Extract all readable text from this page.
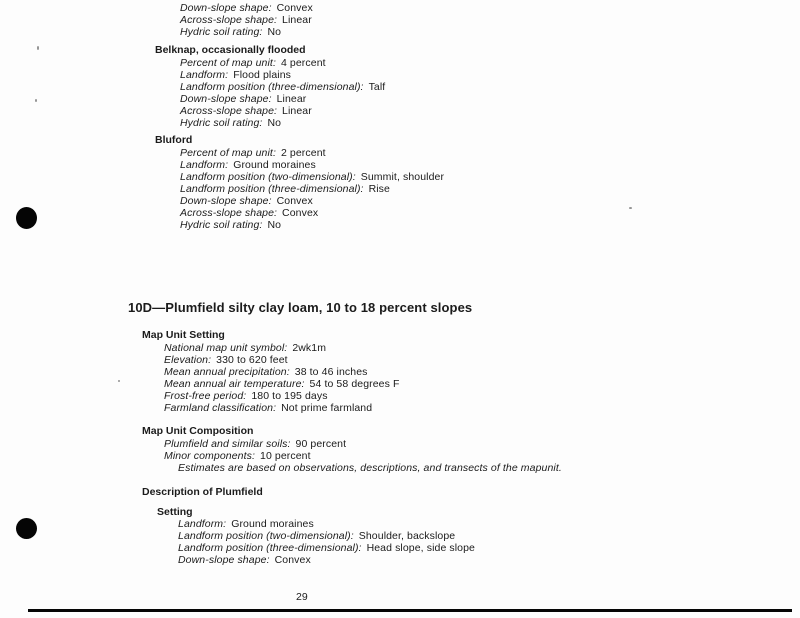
Down-slope shape: Convex
Across-slope shape: Linear
Hydric soil rating: No
Belknap, occasionally flooded
Percent of map unit: 4 percent
Landform: Flood plains
Landform position (three-dimensional): Talf
Down-slope shape: Linear
Across-slope shape: Linear
Hydric soil rating: No
Bluford
Percent of map unit: 2 percent
Landform: Ground moraines
Landform position (two-dimensional): Summit, shoulder
Landform position (three-dimensional): Rise
Down-slope shape: Convex
Across-slope shape: Convex
Hydric soil rating: No
10D—Plumfield silty clay loam, 10 to 18 percent slopes
Map Unit Setting
National map unit symbol: 2wk1m
Elevation: 330 to 620 feet
Mean annual precipitation: 38 to 46 inches
Mean annual air temperature: 54 to 58 degrees F
Frost-free period: 180 to 195 days
Farmland classification: Not prime farmland
Map Unit Composition
Plumfield and similar soils: 90 percent
Minor components: 10 percent
Estimates are based on observations, descriptions, and transects of the mapunit.
Description of Plumfield
Setting
Landform: Ground moraines
Landform position (two-dimensional): Shoulder, backslope
Landform position (three-dimensional): Head slope, side slope
Down-slope shape: Convex
29
